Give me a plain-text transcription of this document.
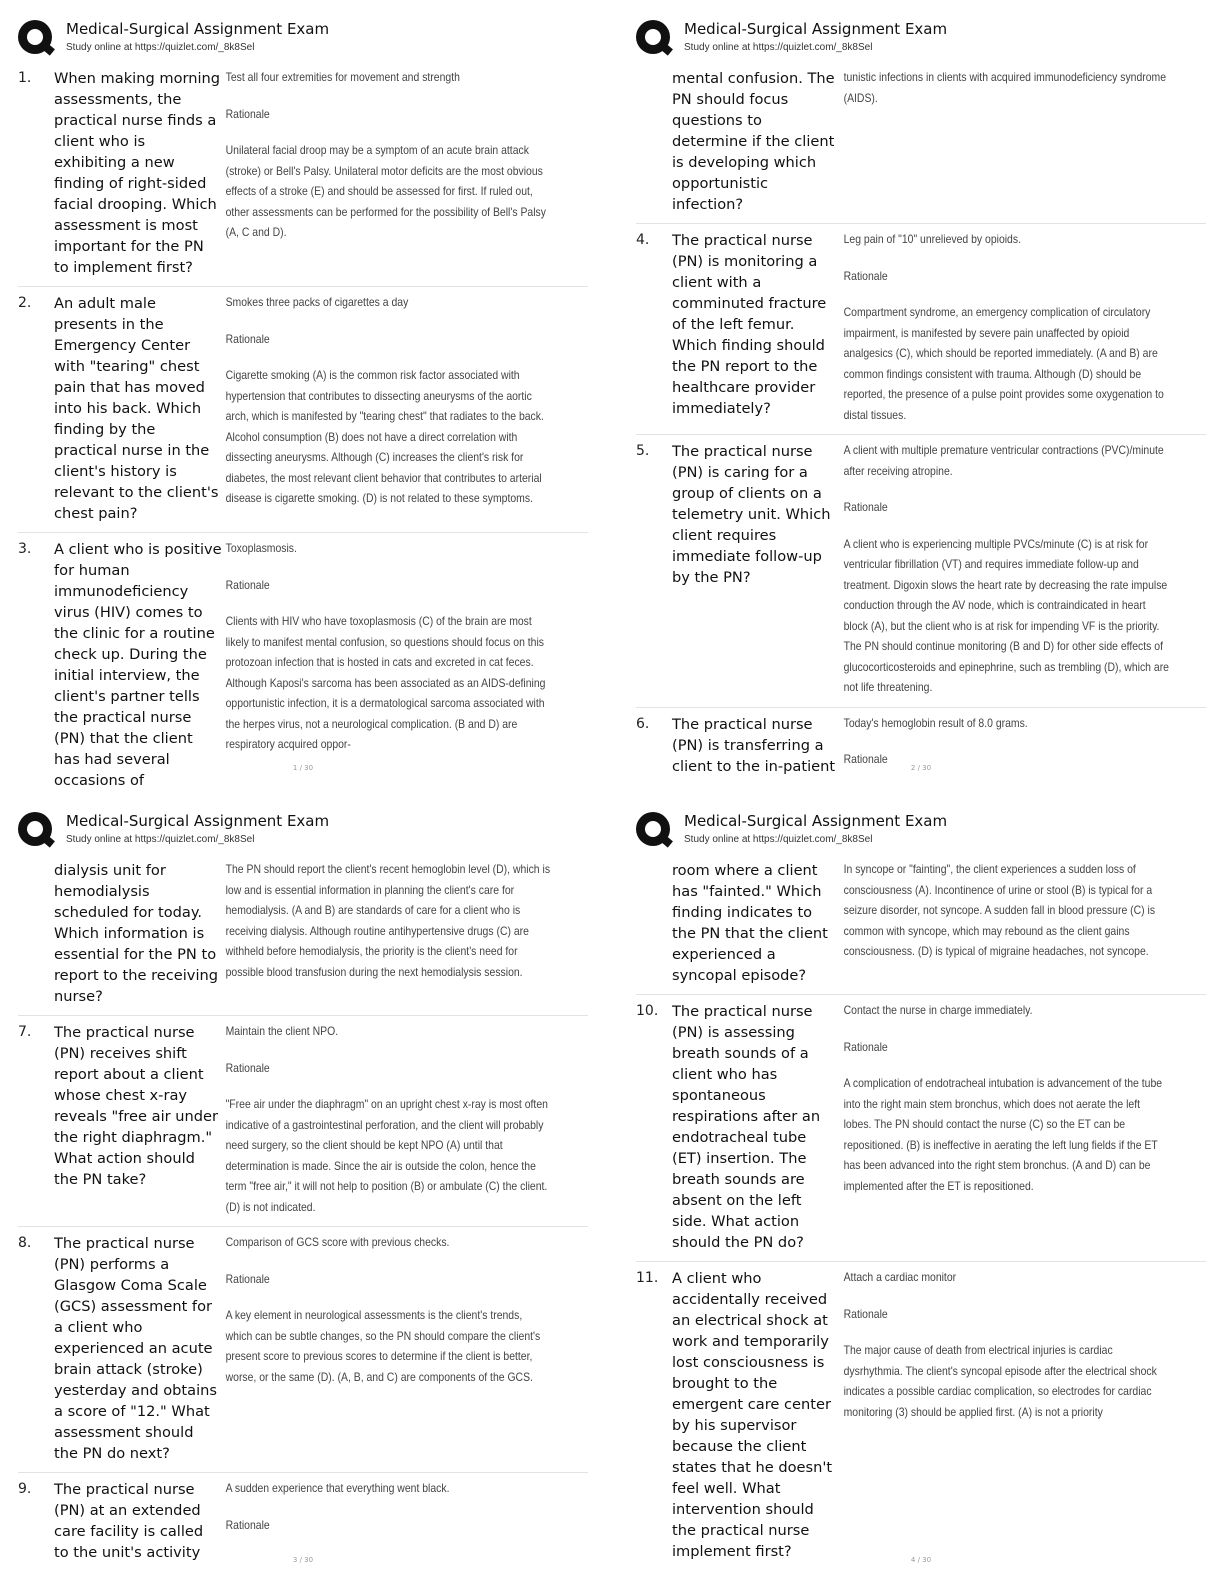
Medical-Surgical Assignment Exam
Study online at https://quizlet.com/_8k8Sel
1.	When making morning assessments, the practical nurse finds a client who is exhibiting a new finding of right-sided facial drooping. Which assessment is most important for the PN to implement first?
Test all four extremities for movement and strength
Rationale
Unilateral facial droop may be a symptom of an acute brain attack (stroke) or Bell's Palsy. Unilateral motor deficits are the most obvious effects of a stroke (E) and should be assessed for first. If ruled out, other assessments can be performed for the possibility of Bell's Palsy (A, C and D).
2.	An adult male presents in the Emergency Center with "tearing" chest pain that has moved into his back. Which finding by the practical nurse in the client's history is relevant to the client's chest pain?
Smokes three packs of cigarettes a day
Rationale
Cigarette smoking (A) is the common risk factor associated with hypertension that contributes to dissecting aneurysms of the aortic arch, which is manifested by "tearing chest" that radiates to the back. Alcohol consumption (B) does not have a direct correlation with dissecting aneurysms. Although (C) increases the client's risk for diabetes, the most relevant client behavior that contributes to arterial disease is cigarette smoking. (D) is not related to these symptoms.
3.	A client who is positive for human immunodeficiency virus (HIV) comes to the clinic for a routine check up. During the initial interview, the client's partner tells the practical nurse (PN) that the client has had several occasions of
Toxoplasmosis.
Rationale
Clients with HIV who have toxoplasmosis (C) of the brain are most likely to manifest mental confusion, so questions should focus on this protozoan infection that is hosted in cats and excreted in cat feces. Although Kaposi's sarcoma has been associated as an AIDS-defining opportunistic infection, it is a dermatological sarcoma associated with the herpes virus, not a neurological complication. (B and D) are respiratory acquired oppor-
1 / 30
Medical-Surgical Assignment Exam
Study online at https://quizlet.com/_8k8Sel
mental confusion. The PN should focus questions to determine if the client is developing which opportunistic infection?
tunistic infections in clients with acquired immunodeficiency syndrome (AIDS).
4.	The practical nurse (PN) is monitoring a client with a comminuted fracture of the left femur. Which finding should the PN report to the healthcare provider immediately?
Leg pain of "10" unrelieved by opioids.
Rationale
Compartment syndrome, an emergency complication of circulatory impairment, is manifested by severe pain unaffected by opioid analgesics (C), which should be reported immediately. (A and B) are common findings consistent with trauma. Although (D) should be reported, the presence of a pulse point provides some oxygenation to distal tissues.
5.	The practical nurse (PN) is caring for a group of clients on a telemetry unit. Which client requires immediate follow-up by the PN?
A client with multiple premature ventricular contractions (PVC)/minute after receiving atropine.
Rationale
A client who is experiencing multiple PVCs/minute (C) is at risk for ventricular fibrillation (VT) and requires immediate follow-up and treatment. Digoxin slows the heart rate by decreasing the rate impulse conduction through the AV node, which is contraindicated in heart block (A), but the client who is at risk for impending VF is the priority. The PN should continue monitoring (B and D) for other side effects of glucocorticosteroids and epinephrine, such as trembling (D), which are not life threatening.
6.	The practical nurse (PN) is transferring a client to the in-patient
Today's hemoglobin result of 8.0 grams.
Rationale
2 / 30
Medical-Surgical Assignment Exam
Study online at https://quizlet.com/_8k8Sel
dialysis unit for hemodialysis scheduled for today. Which information is essential for the PN to report to the receiving nurse?
The PN should report the client's recent hemoglobin level (D), which is low and is essential information in planning the client's care for hemodialysis. (A and B) are standards of care for a client who is receiving dialysis. Although routine antihypertensive drugs (C) are withheld before hemodialysis, the priority is the client's need for possible blood transfusion during the next hemodialysis session.
7.	The practical nurse (PN) receives shift report about a client whose chest x-ray reveals "free air under the right diaphragm." What action should the PN take?
Maintain the client NPO.
Rationale
"Free air under the diaphragm" on an upright chest x-ray is most often indicative of a gastrointestinal perforation, and the client will probably need surgery, so the client should be kept NPO (A) until that determination is made. Since the air is outside the colon, hence the term "free air," it will not help to position (B) or ambulate (C) the client. (D) is not indicated.
8.	The practical nurse (PN) performs a Glasgow Coma Scale (GCS) assessment for a client who experienced an acute brain attack (stroke) yesterday and obtains a score of "12." What assessment should the PN do next?
Comparison of GCS score with previous checks.
Rationale
A key element in neurological assessments is the client's trends, which can be subtle changes, so the PN should compare the client's present score to previous scores to determine if the client is better, worse, or the same (D). (A, B, and C) are components of the GCS.
9.	The practical nurse (PN) at an extended care facility is called to the unit's activity
A sudden experience that everything went black.
Rationale
3 / 30
Medical-Surgical Assignment Exam
Study online at https://quizlet.com/_8k8Sel
room where a client has "fainted." Which finding indicates to the PN that the client experienced a syncopal episode?
In syncope or "fainting", the client experiences a sudden loss of consciousness (A). Incontinence of urine or stool (B) is typical for a seizure disorder, not syncope. A sudden fall in blood pressure (C) is common with syncope, which may rebound as the client gains consciousness. (D) is typical of migraine headaches, not syncope.
10. The practical nurse (PN) is assessing breath sounds of a client who has spontaneous respirations after an endotracheal tube (ET) insertion. The breath sounds are absent on the left side. What action should the PN do?
Contact the nurse in charge immediately.
Rationale
A complication of endotracheal intubation is advancement of the tube into the right main stem bronchus, which does not aerate the left lobes. The PN should contact the nurse (C) so the ET can be repositioned. (B) is ineffective in aerating the left lung fields if the ET has been advanced into the right stem bronchus. (A and D) can be implemented after the ET is repositioned.
11. A client who accidentally received an electrical shock at work and temporarily lost consciousness is brought to the emergent care center by his supervisor because the client states that he doesn't feel well. What intervention should the practical nurse implement first?
Attach a cardiac monitor
Rationale
The major cause of death from electrical injuries is cardiac dysrhythmia. The client's syncopal episode after the electrical shock indicates a possible cardiac complication, so electrodes for cardiac monitoring (3) should be applied first. (A) is not a priority
4 / 30
